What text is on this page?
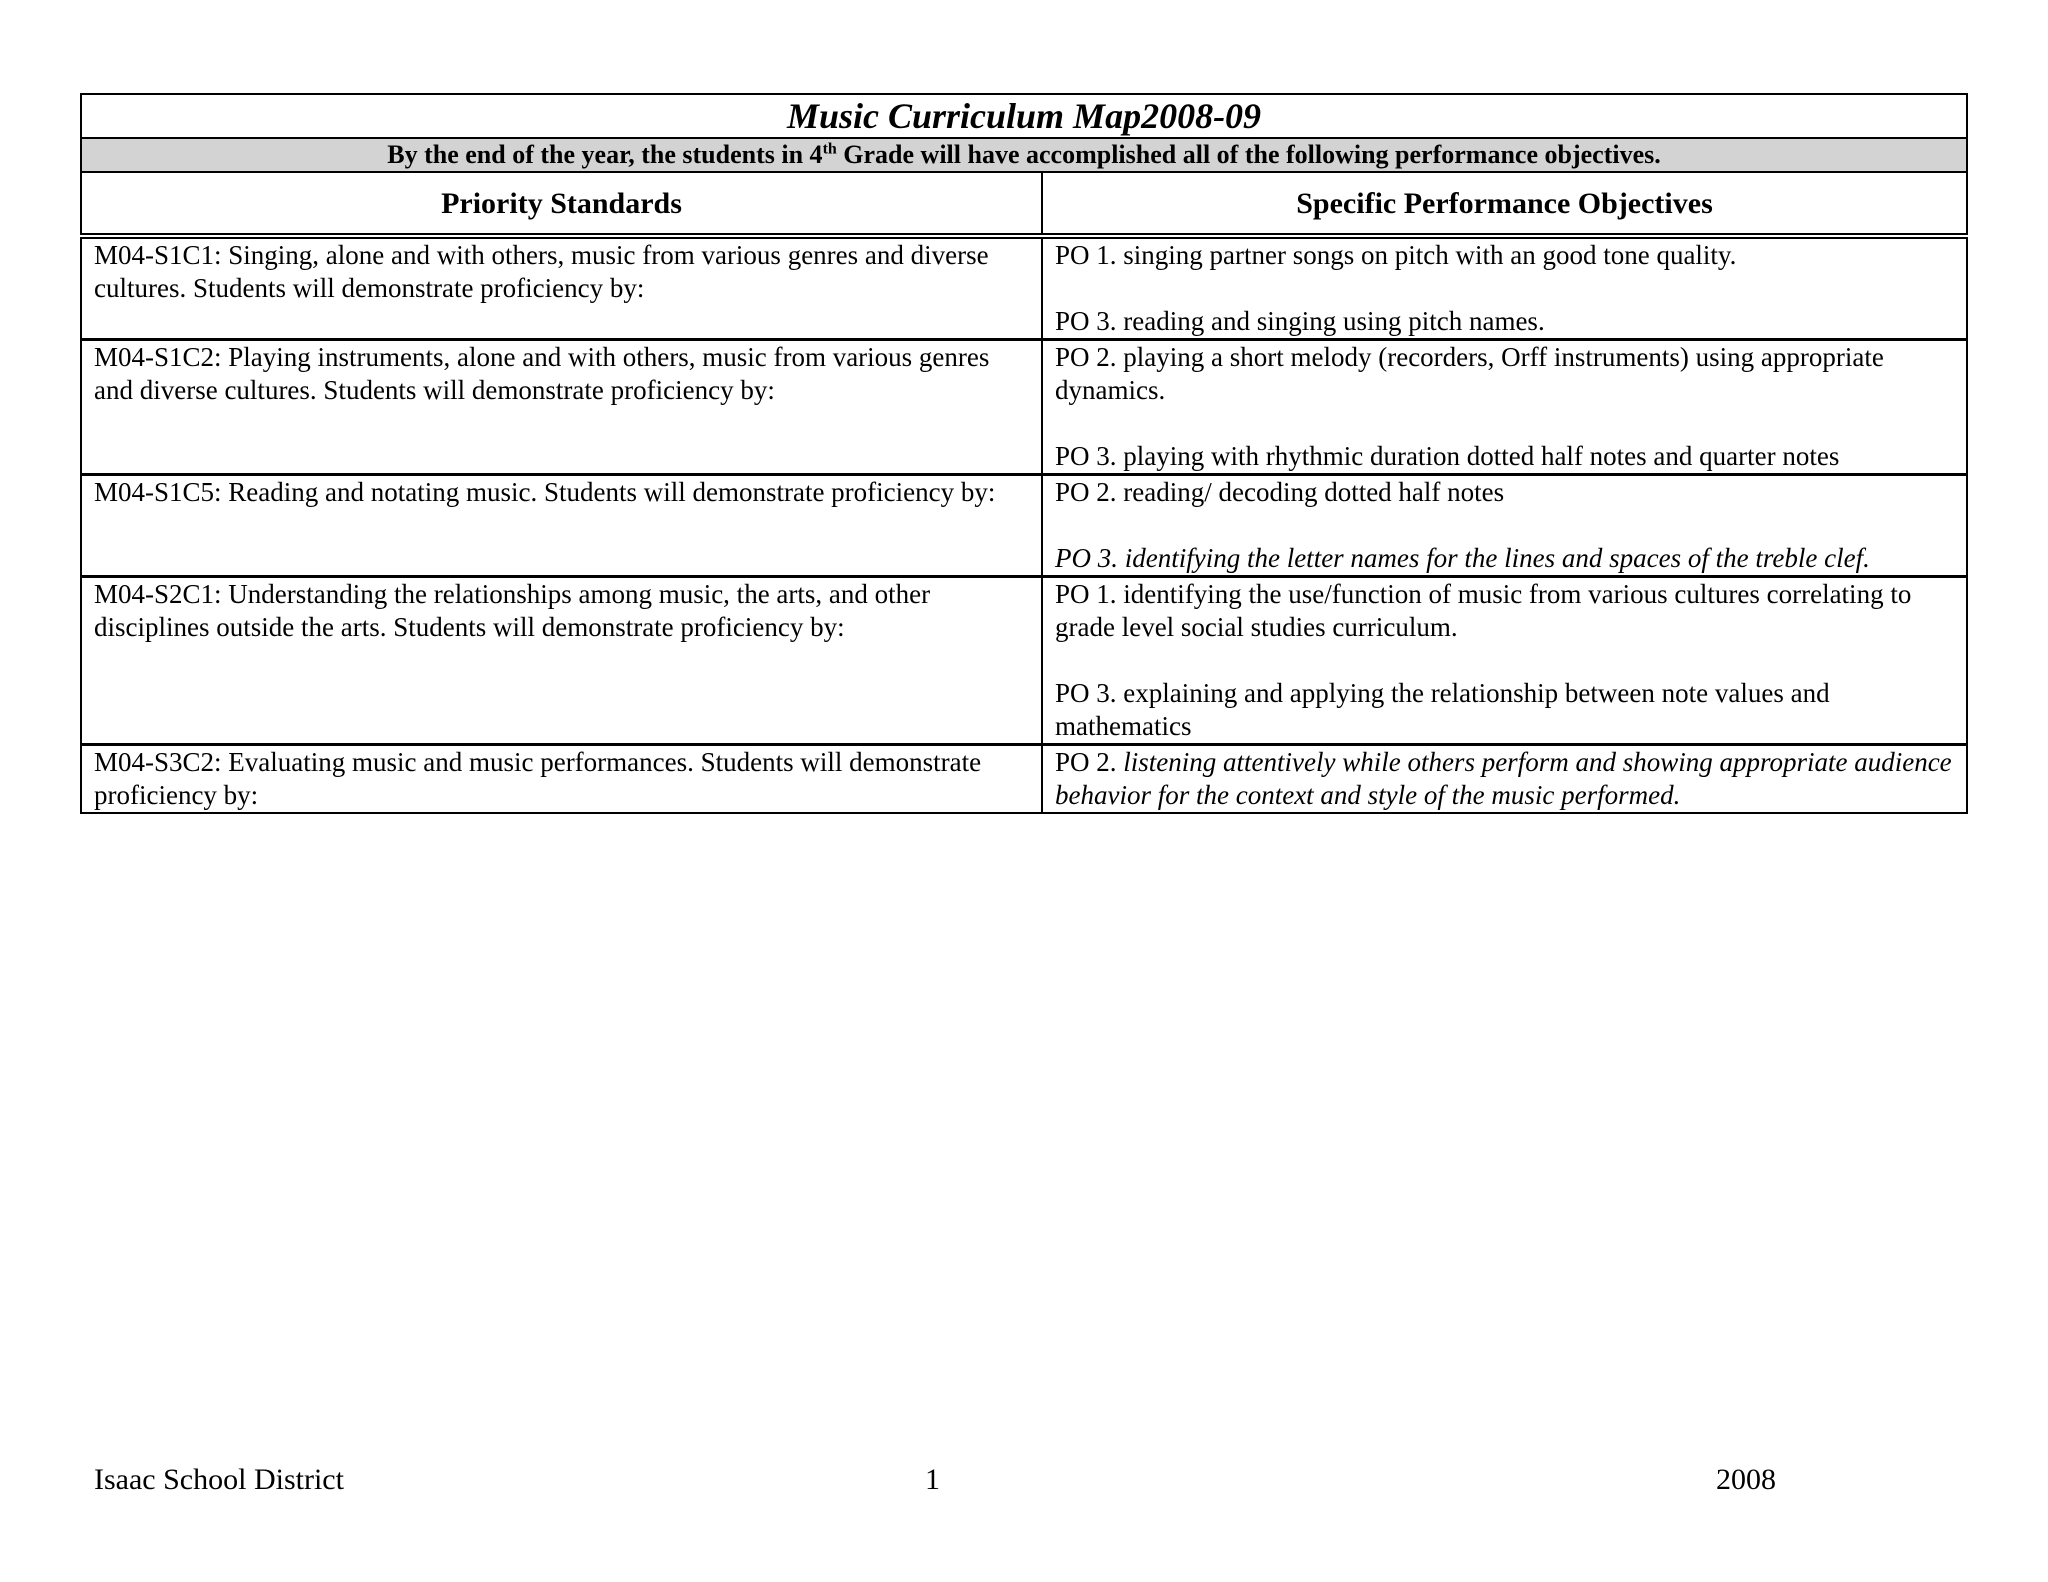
Music Curriculum Map2008-09	
By the end of the year, the students in 4th Grade will have accomplished all of the following performance objectives.	
Priority Standards	Specific Performance Objectives
M04-S1C1: Singing, alone and with others, music from various genres and diverse cultures. Students will demonstrate proficiency by:	PO 1. singing partner songs on pitch with an good tone quality.

PO 3. reading and singing using pitch names.

M04-S1C2: Playing instruments, alone and with others, music from various genres and diverse cultures. Students will demonstrate proficiency by:	PO 2. playing a short melody (recorders, Orff instruments) using appropriate dynamics.

PO 3. playing with rhythmic duration dotted half notes and quarter notes

M04-S1C5: Reading and notating music. Students will demonstrate proficiency by:	PO 2. reading/ decoding dotted half notes

PO 3. identifying the letter names for the lines and spaces of the treble clef.

M04-S2C1: Understanding the relationships among music, the arts, and other disciplines outside the arts. Students will demonstrate proficiency by:	PO 1. identifying the use/function of music from various cultures correlating to grade level social studies curriculum.

PO 3. explaining and applying the relationship between note values and mathematics

M04-S3C2: Evaluating music and music performances. Students will demonstrate proficiency by:	PO 2. listening attentively while others perform and showing appropriate audience behavior for the context and style of the music performed.

Isaac School District	1	2008
